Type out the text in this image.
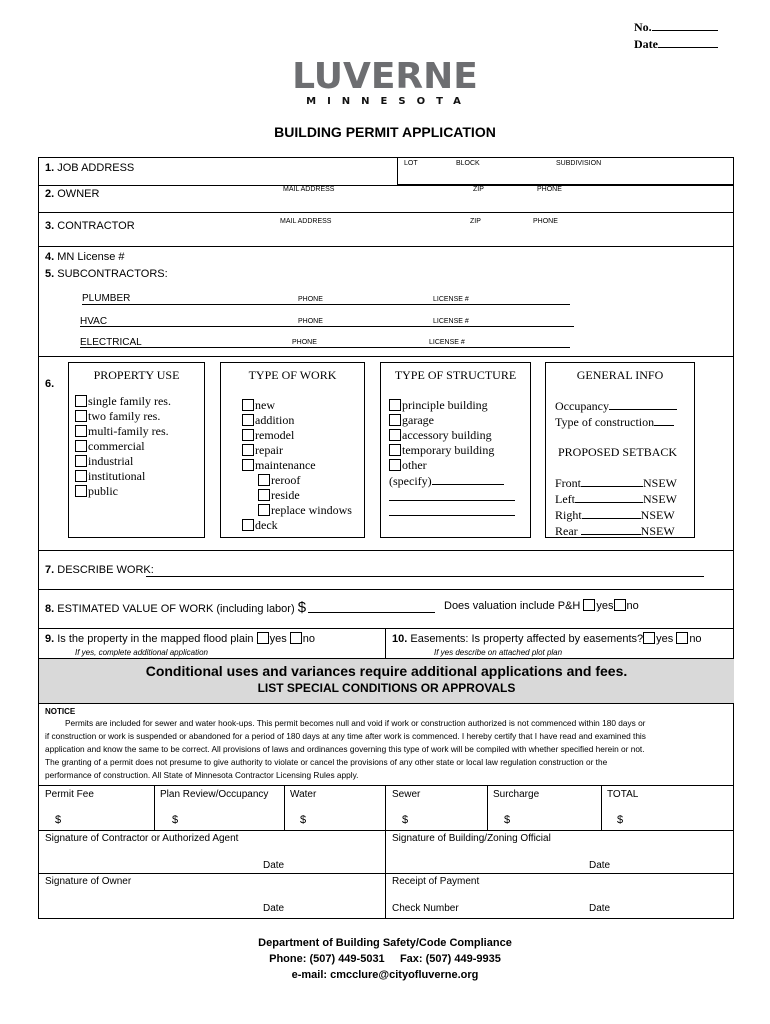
No.
Date
LUVERNE
MINNESOTA
BUILDING PERMIT APPLICATION
1. JOB ADDRESS	LOT	BLOCK	SUBDIVISION
2. OWNER	MAIL ADDRESS	ZIP	PHONE
3. CONTRACTOR	MAIL ADDRESS	ZIP	PHONE
4. MN License #
5. SUBCONTRACTORS:
PLUMBER	PHONE	LICENSE #
HVAC	PHONE	LICENSE #
ELECTRICAL	PHONE	LICENSE #
6.
PROPERTY USE
single family res.
two family res.
multi-family res.
commercial
industrial
institutional
public
TYPE OF WORK
new
addition
remodel
repair
maintenance
reroof
reside
replace windows
deck
TYPE OF STRUCTURE
principle building
garage
accessory building
temporary building
other
(specify)
GENERAL INFO
Occupancy
Type of construction
PROPOSED SETBACK
Front	NSEW
Left	NSEW
Right	NSEW
Rear	NSEW
7. DESCRIBE WORK:
8. ESTIMATED VALUE OF WORK (including labor) $	Does valuation include P&H yes no
9. Is the property in the mapped flood plain yes no
If yes, complete additional application
10. Easements: Is property affected by easements? yes no
If yes describe on attached plot plan
Conditional uses and variances require additional applications and fees.
LIST SPECIAL CONDITIONS OR APPROVALS
NOTICE
Permits are included for sewer and water hook-ups. This permit becomes null and void if work or construction authorized is not commenced within 180 days or
if construction or work is suspended or abandoned for a period of 180 days at any time after work is commenced. I hereby certify that I have read and examined this
application and know the same to be correct. All provisions of laws and ordinances governing this type of work will be compiled with whether specified herein or not.
The granting of a permit does not presume to give authority to violate or cancel the provisions of any other state or local law regulation construction or the
performance of construction. All State of Minnesota Contractor Licensing Rules apply.
Permit Fee	Plan Review/Occupancy Water	Sewer	Surcharge	TOTAL
$	$	$	$	$	$
Signature of Contractor or Authorized Agent
Date
Signature of Building/Zoning Official
Date
Signature of Owner
Date
Receipt of Payment
Check Number	Date
Department of Building Safety/Code Compliance
Phone: (507) 449-5031     Fax: (507) 449-9935
e-mail: cmcclure@cityofluverne.org
